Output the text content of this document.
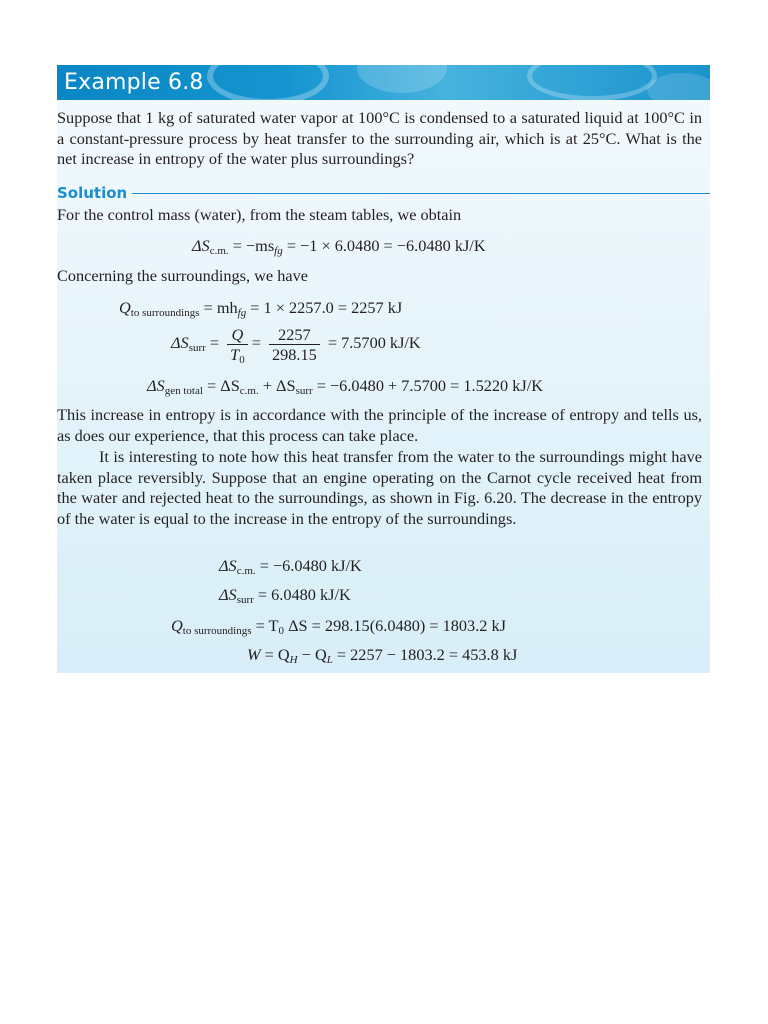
Example 6.8

Suppose that 1 kg of saturated water vapor at 100°C is condensed to a saturated liquid at 100°C in a constant-pressure process by heat transfer to the surrounding air, which is at 25°C. What is the net increase in entropy of the water plus surroundings?

Solution

For the control mass (water), from the steam tables, we obtain

$\Delta S_{c.m.} = -ms_{fg} = -1 \times 6.0480 = -6.0480$ kJ/K

Concerning the surroundings, we have

$Q_{to surroundings} = mh_{fg} = 1 \times 2257.0 = 2257$ kJ
$\Delta S_{surr} = \frac{Q}{T_0} = \frac{2257}{298.15} = 7.5700$ kJ/K
$\Delta S_{gen total} = \Delta S_{c.m.} + \Delta S_{surr} = -6.0480 + 7.5700 = 1.5220$ kJ/K

This increase in entropy is in accordance with the principle of the increase of entropy and tells us, as does our experience, that this process can take place.

It is interesting to note how this heat transfer from the water to the surroundings might have taken place reversibly. Suppose that an engine operating on the Carnot cycle received heat from the water and rejected heat to the surroundings, as shown in Fig. 6.20. The decrease in the entropy of the water is equal to the increase in the entropy of the surroundings.

$\Delta S_{c.m.} = -6.0480$ kJ/K
$\Delta S_{surr} = 6.0480$ kJ/K
$Q_{to surroundings} = T_0$ ΔS = 298.15(6.0480) = 1803.2 kJ
$W = Q_H - Q_L = 2257 - 1803.2 = 453.8$ kJ
